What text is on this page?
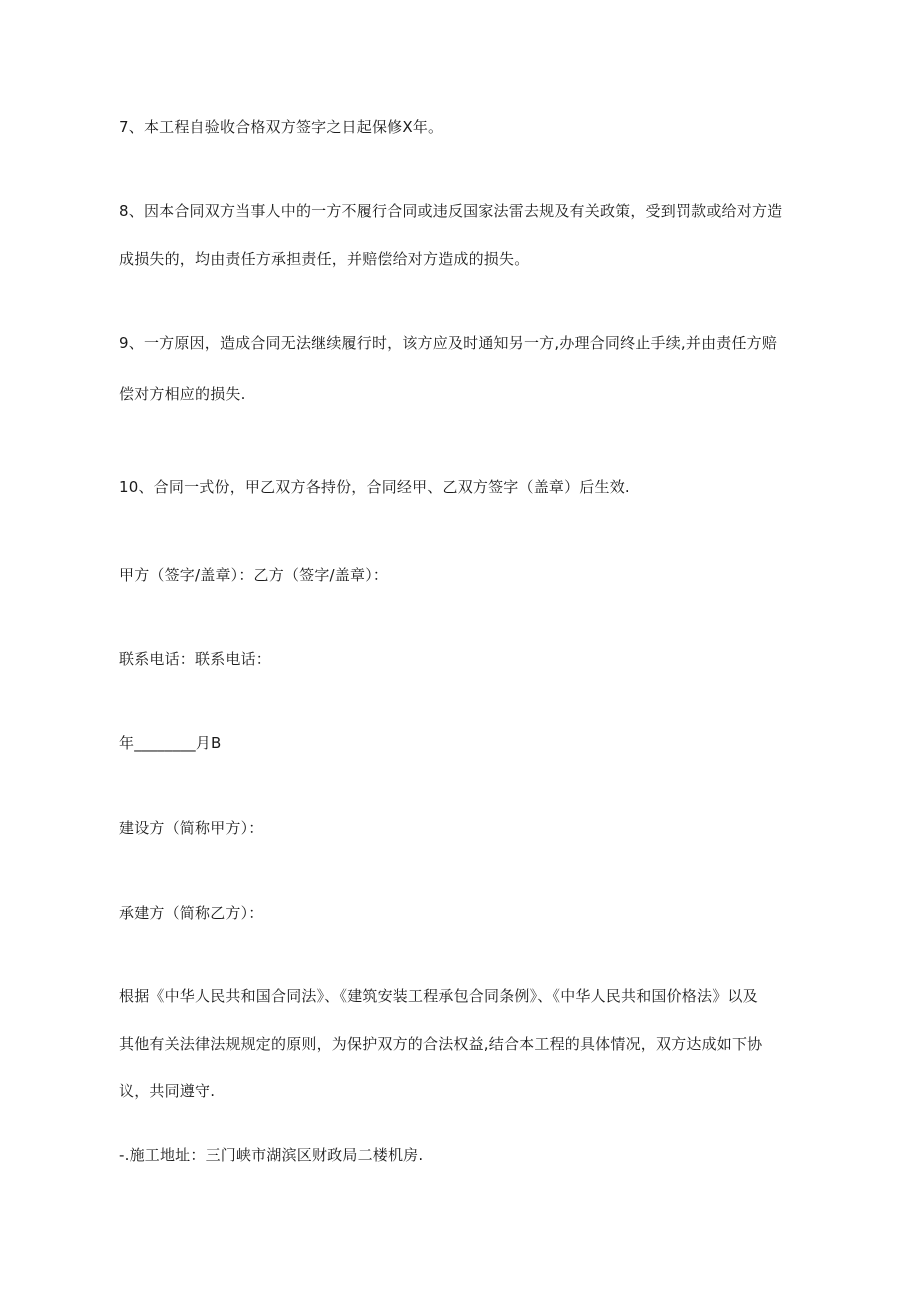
7、本工程自验收合格双方签字之日起保修X年。
8、因本合同双方当事人中的一方不履行合同或违反国家法雷去规及有关政策，受到罚款或给对方造
成损失的，均由责任方承担责任，并赔偿给对方造成的损失。
9、一方原因，造成合同无法继续履行时，该方应及时通知另一方,办理合同终止手续,并由责任方赔
偿对方相应的损失.
10、合同一式份，甲乙双方各持份，合同经甲、乙双方签字（盖章）后生效.
甲方（签字/盖章）：乙方（签字/盖章）：
联系电话：联系电话：
年________月B
建设方（简称甲方）：
承建方（简称乙方）：
根据《中华人民共和国合同法》、《建筑安装工程承包合同条例》、《中华人民共和国价格法》以及
其他有关法律法规规定的原则，为保护双方的合法权益,结合本工程的具体情况，双方达成如下协
议，共同遵守.
-.施工地址：三门峡市湖滨区财政局二楼机房.
